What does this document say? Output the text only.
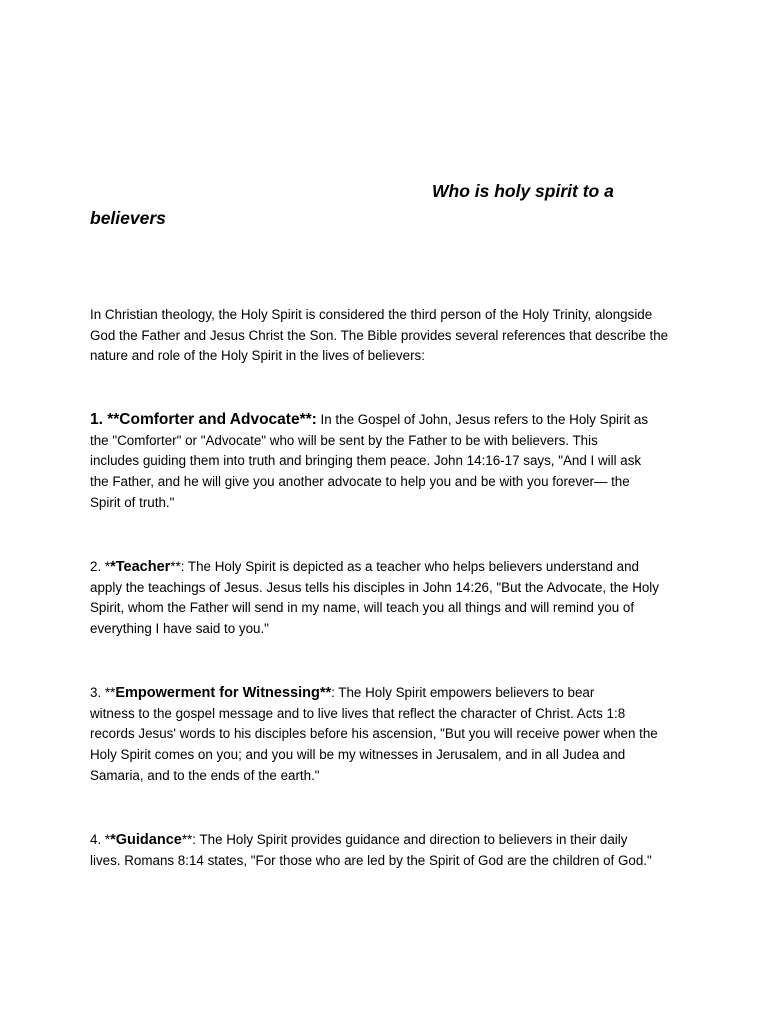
Who is holy spirit to a
believers
In Christian theology, the Holy Spirit is considered the third person of the Holy Trinity, alongside
God the Father and Jesus Christ the Son. The Bible provides several references that describe the
nature and role of the Holy Spirit in the lives of believers:
1. **Comforter and Advocate**: In the Gospel of John, Jesus refers to the Holy Spirit as
the "Comforter" or "Advocate" who will be sent by the Father to be with believers. This
includes guiding them into truth and bringing them peace. John 14:16-17 says, "And I will ask
the Father, and he will give you another advocate to help you and be with you forever— the
Spirit of truth."
2. **Teacher**: The Holy Spirit is depicted as a teacher who helps believers understand and
apply the teachings of Jesus. Jesus tells his disciples in John 14:26, "But the Advocate, the Holy
Spirit, whom the Father will send in my name, will teach you all things and will remind you of
everything I have said to you."
3. **Empowerment for Witnessing**: The Holy Spirit empowers believers to bear
witness to the gospel message and to live lives that reflect the character of Christ. Acts 1:8
records Jesus' words to his disciples before his ascension, "But you will receive power when the
Holy Spirit comes on you; and you will be my witnesses in Jerusalem, and in all Judea and
Samaria, and to the ends of the earth."
4. **Guidance**: The Holy Spirit provides guidance and direction to believers in their daily
lives. Romans 8:14 states, "For those who are led by the Spirit of God are the children of God."
